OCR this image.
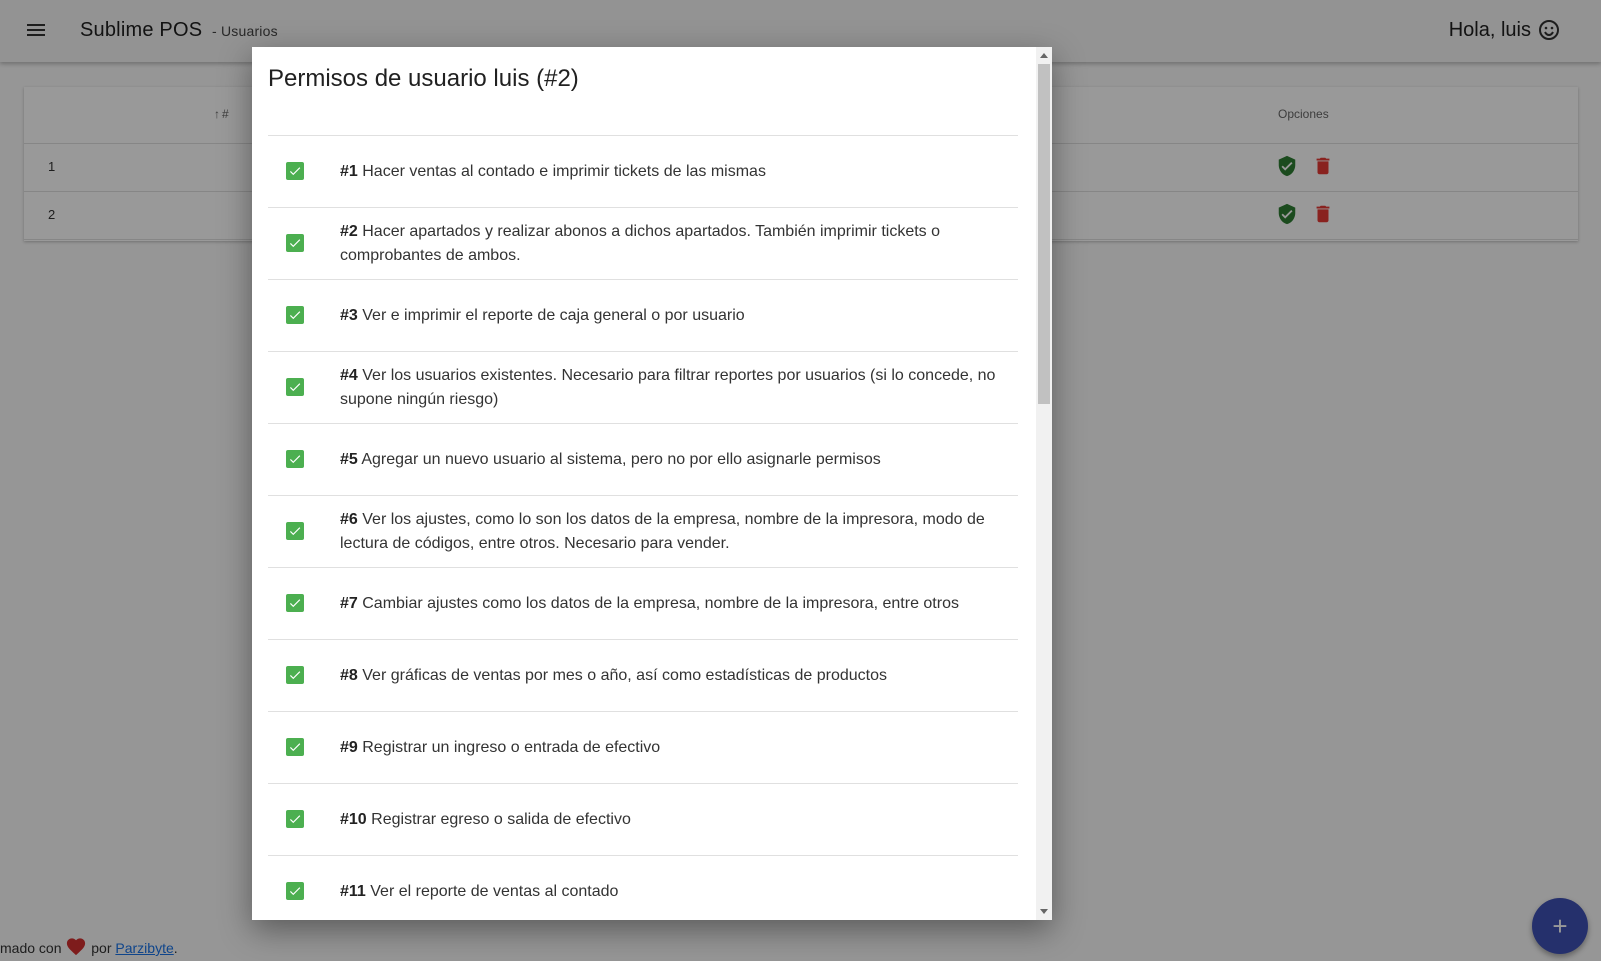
Sublime POS - Usuarios	Hola, luis
↑ #	Opciones
1
2
mado con por Parzibyte.
+
Permisos de usuario luis (#2)
#1 Hacer ventas al contado e imprimir tickets de las mismas
#2 Hacer apartados y realizar abonos a dichos apartados. También imprimir tickets o comprobantes de ambos.
#3 Ver e imprimir el reporte de caja general o por usuario
#4 Ver los usuarios existentes. Necesario para filtrar reportes por usuarios (si lo concede, no supone ningún riesgo)
#5 Agregar un nuevo usuario al sistema, pero no por ello asignarle permisos
#6 Ver los ajustes, como lo son los datos de la empresa, nombre de la impresora, modo de lectura de códigos, entre otros. Necesario para vender.
#7 Cambiar ajustes como los datos de la empresa, nombre de la impresora, entre otros
#8 Ver gráficas de ventas por mes o año, así como estadísticas de productos
#9 Registrar un ingreso o entrada de efectivo
#10 Registrar egreso o salida de efectivo
#11 Ver el reporte de ventas al contado
